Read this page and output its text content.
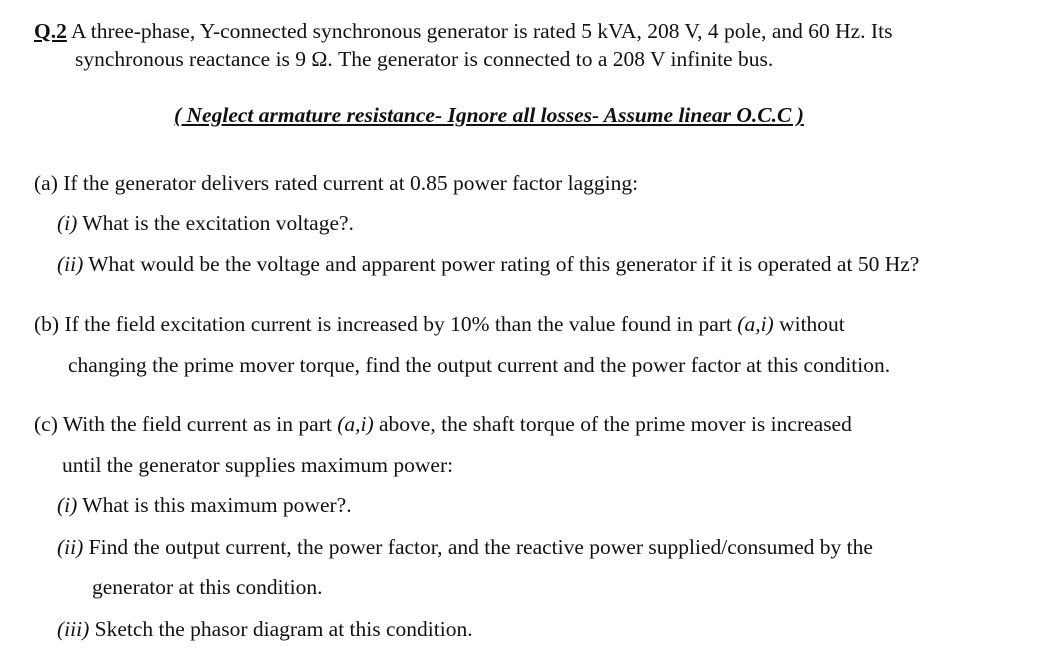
Q.2 A three-phase, Y-connected synchronous generator is rated 5 kVA, 208 V, 4 pole, and 60 Hz. Its
synchronous reactance is 9 Ω. The generator is connected to a 208 V infinite bus.
( Neglect armature resistance- Ignore all losses- Assume linear O.C.C )
(a) If the generator delivers rated current at 0.85 power factor lagging:
(i) What is the excitation voltage?.
(ii) What would be the voltage and apparent power rating of this generator if it is operated at 50 Hz?
(b) If the field excitation current is increased by 10% than the value found in part (a,i) without
changing the prime mover torque, find the output current and the power factor at this condition.
(c) With the field current as in part (a,i) above, the shaft torque of the prime mover is increased
until the generator supplies maximum power:
(i) What is this maximum power?.
(ii) Find the output current, the power factor, and the reactive power supplied/consumed by the
generator at this condition.
(iii) Sketch the phasor diagram at this condition.
